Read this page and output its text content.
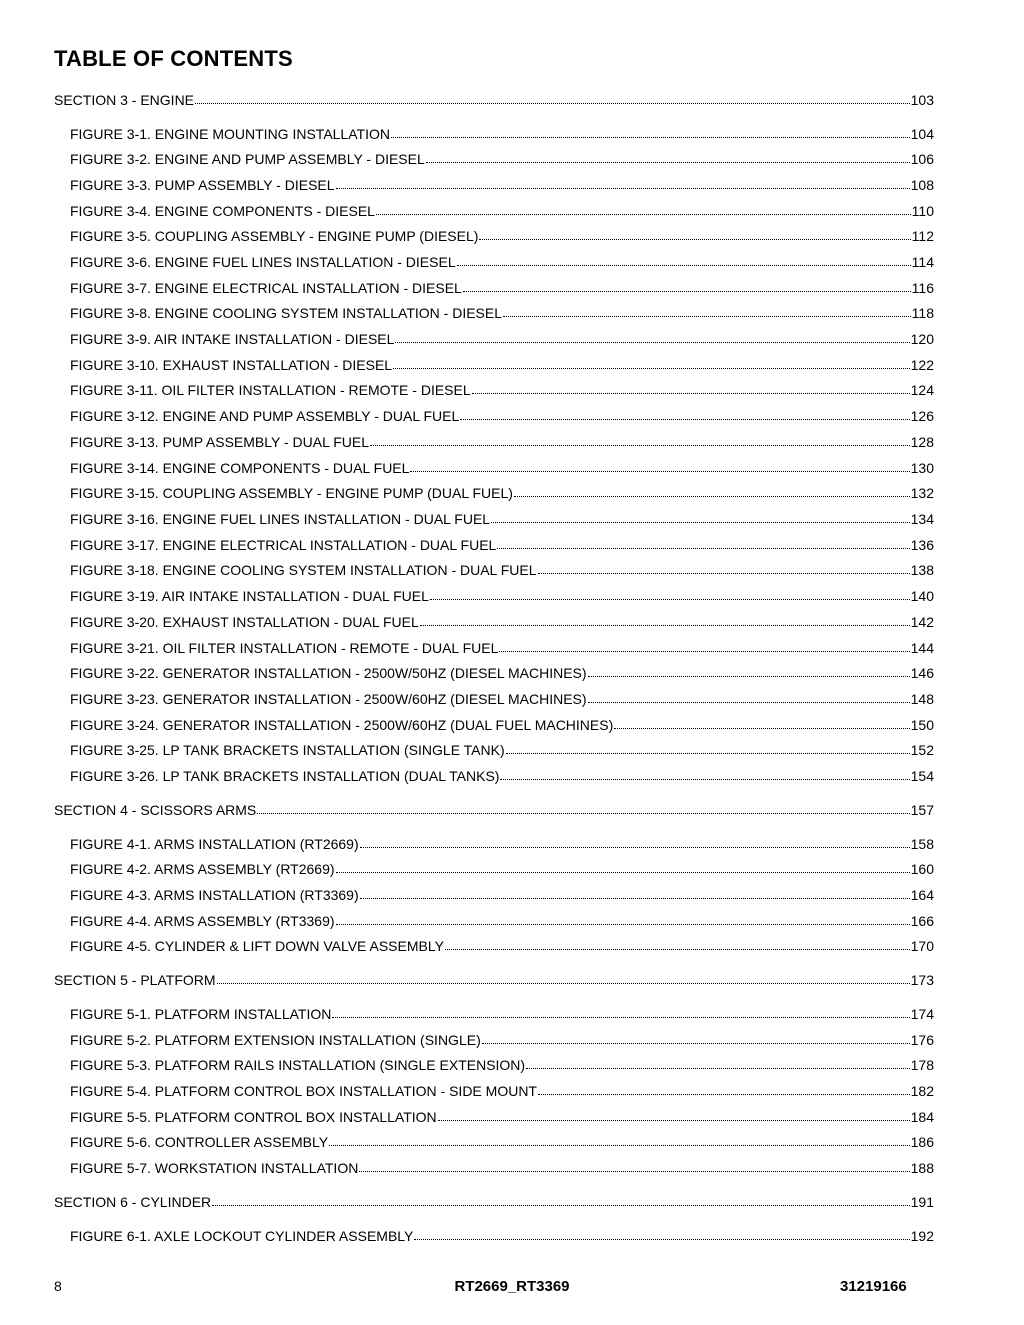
TABLE OF CONTENTS
SECTION 3 - ENGINE	103
FIGURE 3-1. ENGINE MOUNTING INSTALLATION	104
FIGURE 3-2. ENGINE AND PUMP ASSEMBLY - DIESEL	106
FIGURE 3-3. PUMP ASSEMBLY - DIESEL	108
FIGURE 3-4. ENGINE COMPONENTS - DIESEL	110
FIGURE 3-5. COUPLING ASSEMBLY - ENGINE PUMP (DIESEL)	112
FIGURE 3-6. ENGINE FUEL LINES INSTALLATION - DIESEL	114
FIGURE 3-7. ENGINE ELECTRICAL INSTALLATION - DIESEL	116
FIGURE 3-8. ENGINE COOLING SYSTEM INSTALLATION - DIESEL	118
FIGURE 3-9. AIR INTAKE INSTALLATION - DIESEL	120
FIGURE 3-10. EXHAUST INSTALLATION - DIESEL	122
FIGURE 3-11. OIL FILTER INSTALLATION - REMOTE - DIESEL	124
FIGURE 3-12. ENGINE AND PUMP ASSEMBLY - DUAL FUEL	126
FIGURE 3-13. PUMP ASSEMBLY - DUAL FUEL	128
FIGURE 3-14. ENGINE COMPONENTS - DUAL FUEL	130
FIGURE 3-15. COUPLING ASSEMBLY - ENGINE PUMP (DUAL FUEL)	132
FIGURE 3-16. ENGINE FUEL LINES INSTALLATION - DUAL FUEL	134
FIGURE 3-17. ENGINE ELECTRICAL INSTALLATION - DUAL FUEL	136
FIGURE 3-18. ENGINE COOLING SYSTEM INSTALLATION - DUAL FUEL	138
FIGURE 3-19. AIR INTAKE INSTALLATION - DUAL FUEL	140
FIGURE 3-20. EXHAUST INSTALLATION - DUAL FUEL	142
FIGURE 3-21. OIL FILTER INSTALLATION - REMOTE - DUAL FUEL	144
FIGURE 3-22. GENERATOR INSTALLATION - 2500W/50HZ (DIESEL MACHINES)	146
FIGURE 3-23. GENERATOR INSTALLATION - 2500W/60HZ (DIESEL MACHINES)	148
FIGURE 3-24. GENERATOR INSTALLATION - 2500W/60HZ (DUAL FUEL MACHINES)	150
FIGURE 3-25. LP TANK BRACKETS INSTALLATION (SINGLE TANK)	152
FIGURE 3-26. LP TANK BRACKETS INSTALLATION (DUAL TANKS)	154
SECTION 4 - SCISSORS ARMS	157
FIGURE 4-1. ARMS INSTALLATION (RT2669)	158
FIGURE 4-2. ARMS ASSEMBLY (RT2669)	160
FIGURE 4-3. ARMS INSTALLATION (RT3369)	164
FIGURE 4-4. ARMS ASSEMBLY (RT3369)	166
FIGURE 4-5. CYLINDER & LIFT DOWN VALVE ASSEMBLY	170
SECTION 5 - PLATFORM	173
FIGURE 5-1. PLATFORM INSTALLATION	174
FIGURE 5-2. PLATFORM EXTENSION INSTALLATION (SINGLE)	176
FIGURE 5-3. PLATFORM RAILS INSTALLATION (SINGLE EXTENSION)	178
FIGURE 5-4. PLATFORM CONTROL BOX INSTALLATION - SIDE MOUNT	182
FIGURE 5-5. PLATFORM CONTROL BOX INSTALLATION	184
FIGURE 5-6. CONTROLLER ASSEMBLY	186
FIGURE 5-7. WORKSTATION INSTALLATION	188
SECTION 6 - CYLINDER	191
FIGURE 6-1. AXLE LOCKOUT CYLINDER ASSEMBLY	192
8	RT2669_RT3369	31219166
